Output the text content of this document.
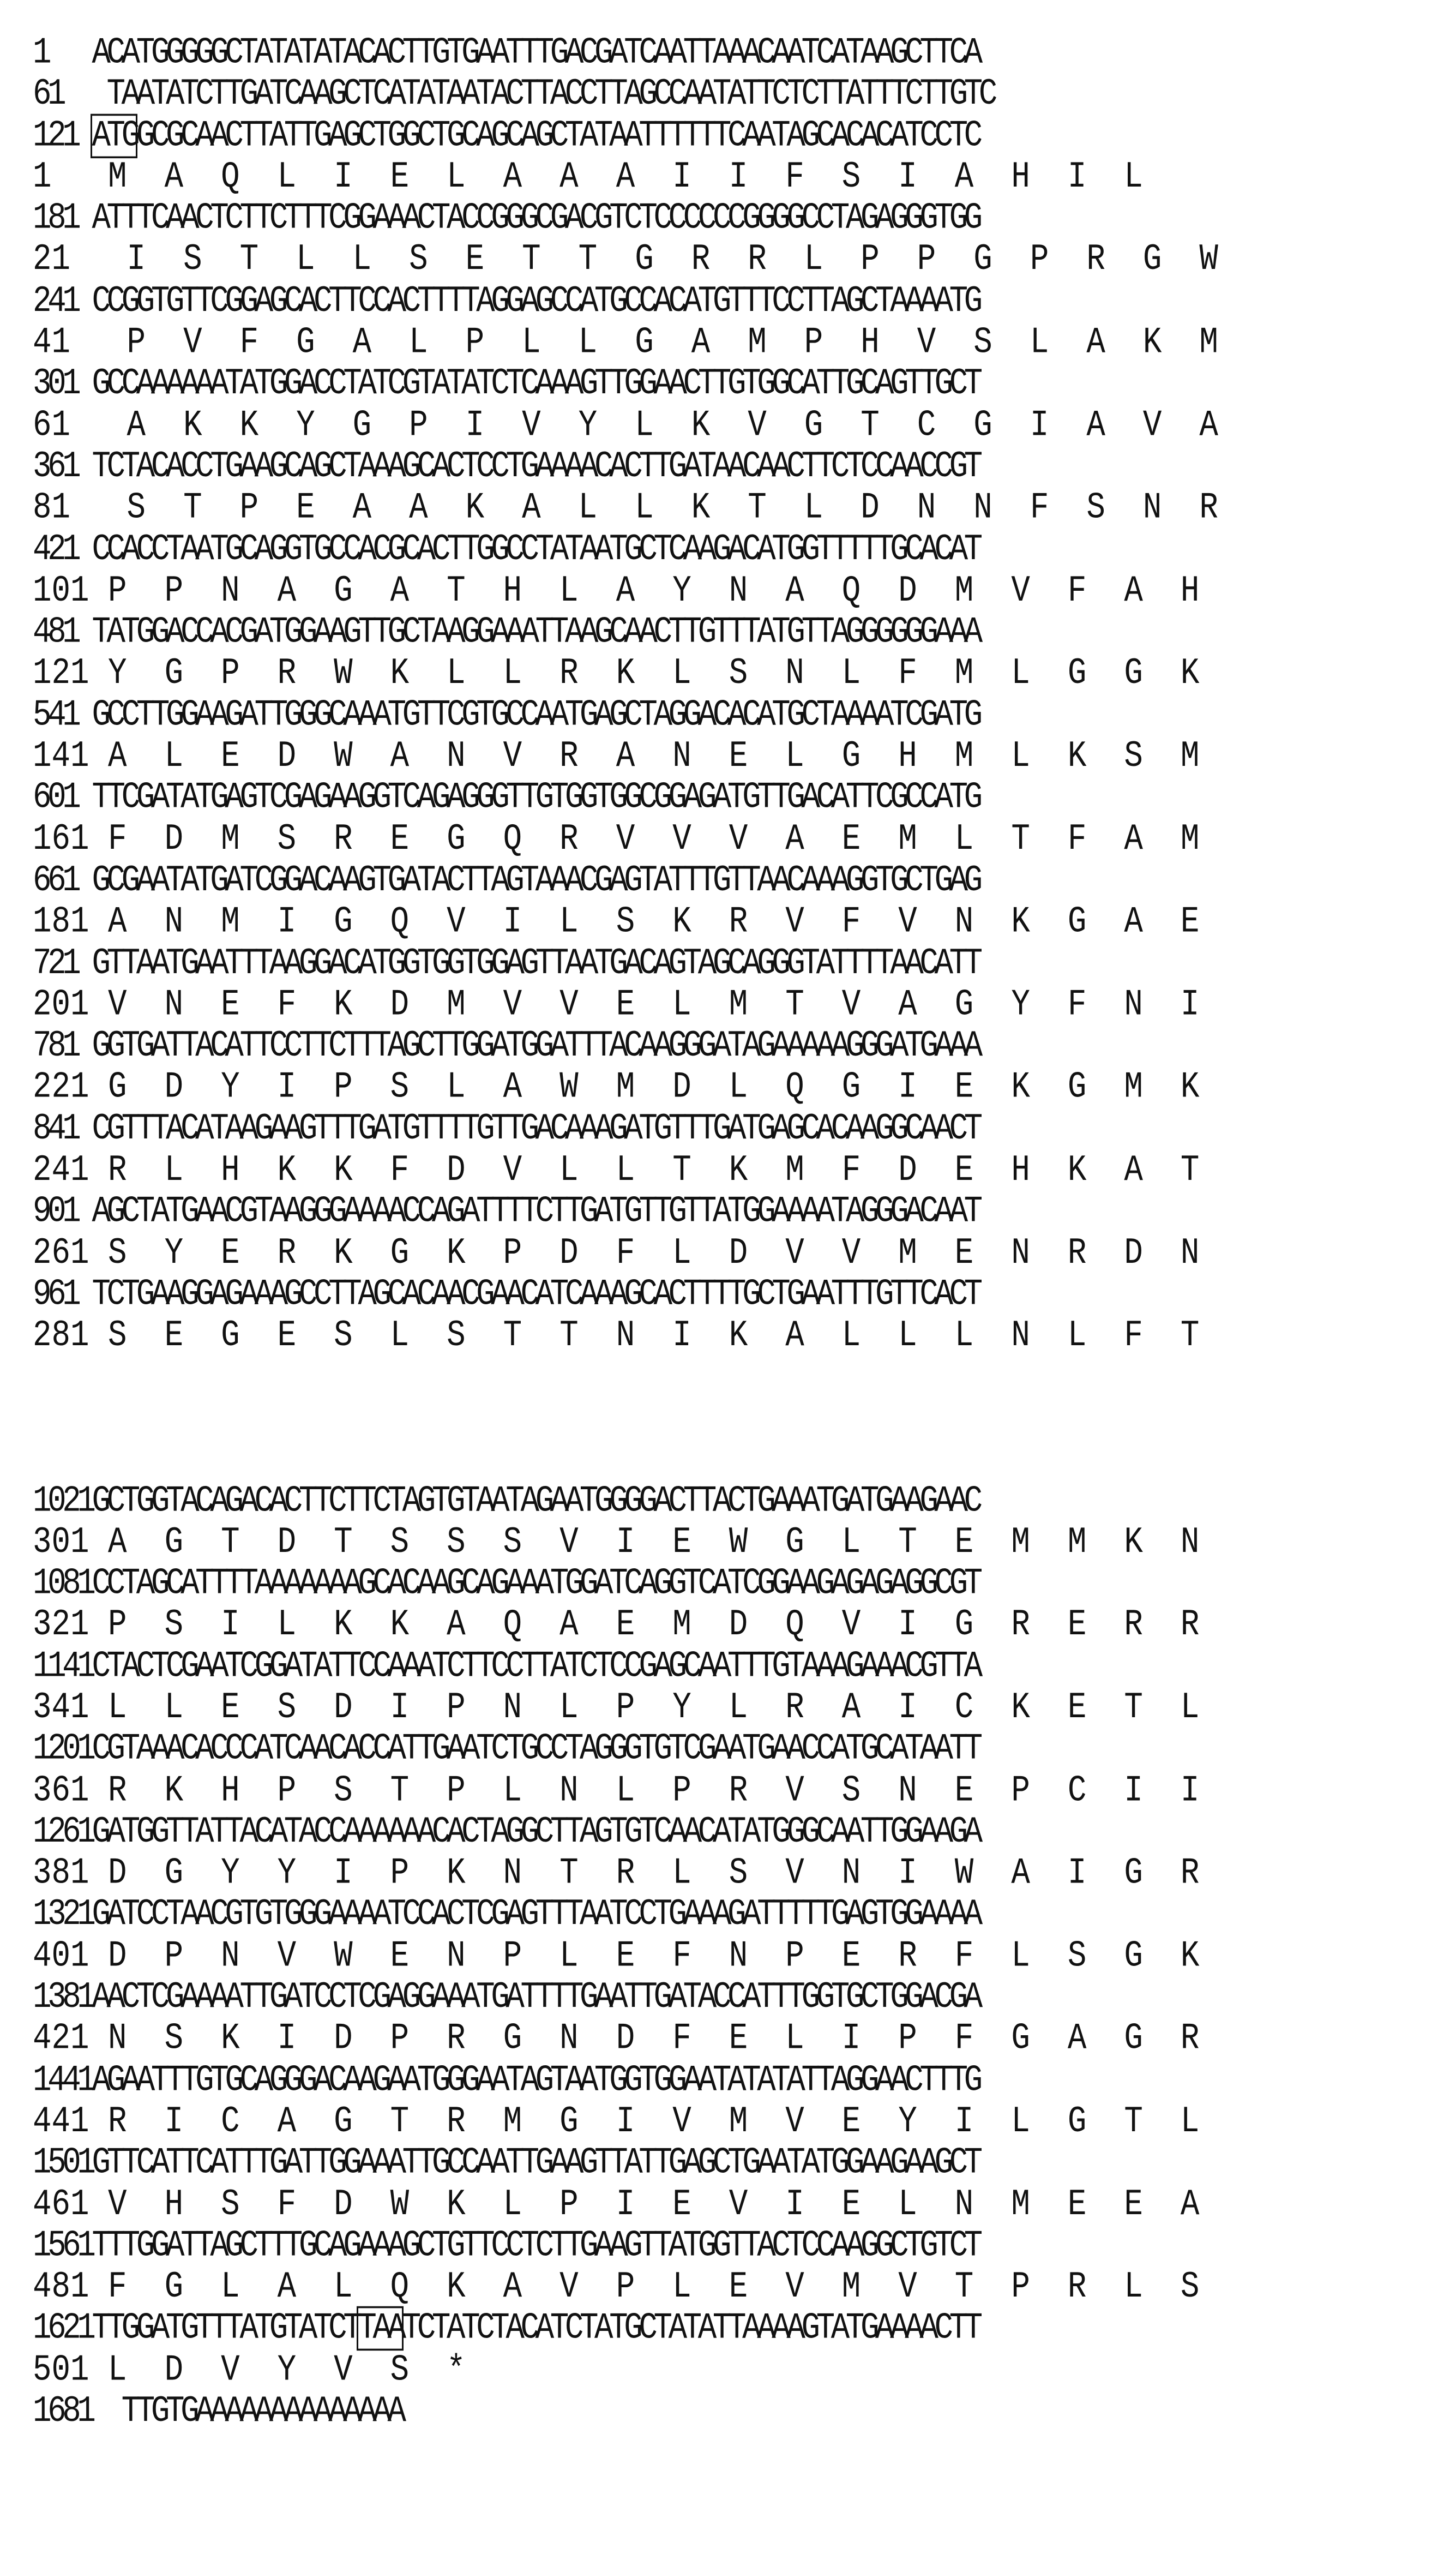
1 ACATGGGGGCTATATATACACTTGTGAATTTGACGATCAATTAAACAATCATAAGCTTCA
61 TAATATCTTGATCAAGCTCATATAATACTTACCTTAGCCAATATTCTCTTATTTCTTGTC
121 ATGGCGCAACTTATTGAGCTGGCTGCAGCAGCTATAATTTTTTCAATAGCACACATCCTC
1 M  A  Q  L  I  E  L  A  A  A  I  I  F  S  I  A  H  I  L
181 ATTTCAACTCTTCTTTCGGAAACTACCGGGCGACGTCTCCCCCCGGGGCCTAGAGGGTGG
21 I  S  T  L  L  S  E  T  T  G  R  R  L  P  P  G  P  R  G  W
241 CCGGTGTTCGGAGCACTTCCACTTTTAGGAGCCATGCCACATGTTTCCTTAGCTAAAATG
41 P  V  F  G  A  L  P  L  L  G  A  M  P  H  V  S  L  A  K  M
301 GCCAAAAAATATGGACCTATCGTATATCTCAAAGTTGGAACTTGTGGCATTGCAGTTGCT
61 A  K  K  Y  G  P  I  V  Y  L  K  V  G  T  C  G  I  A  V  A
361 TCTACACCTGAAGCAGCTAAAGCACTCCTGAAAACACTTGATAACAACTTCTCCAACCGT
81 S  T  P  E  A  A  K  A  L  L  K  T  L  D  N  N  F  S  N  R
421 CCACCTAATGCAGGTGCCACGCACTTGGCCTATAATGCTCAAGACATGGTTTTTGCACAT
101 P  P  N  A  G  A  T  H  L  A  Y  N  A  Q  D  M  V  F  A  H
481 TATGGACCACGATGGAAGTTGCTAAGGAAATTAAGCAACTTGTTTATGTTAGGGGGGAAA
121 Y  G  P  R  W  K  L  L  R  K  L  S  N  L  F  M  L  G  G  K
541 GCCTTGGAAGATTGGGCAAATGTTCGTGCCAATGAGCTAGGACACATGCTAAAATCGATG
141 A  L  E  D  W  A  N  V  R  A  N  E  L  G  H  M  L  K  S  M
601 TTCGATATGAGTCGAGAAGGTCAGAGGGTTGTGGTGGCGGAGATGTTGACATTCGCCATG
161 F  D  M  S  R  E  G  Q  R  V  V  V  A  E  M  L  T  F  A  M
661 GCGAATATGATCGGACAAGTGATACTTAGTAAACGAGTATTTGTTAACAAAGGTGCTGAG
181 A  N  M  I  G  Q  V  I  L  S  K  R  V  F  V  N  K  G  A  E
721 GTTAATGAATTTAAGGACATGGTGGTGGAGTTAATGACAGTAGCAGGGTATTTTAACATT
201 V  N  E  F  K  D  M  V  V  E  L  M  T  V  A  G  Y  F  N  I
781 GGTGATTACATTCCTTCTTTAGCTTGGATGGATTTACAAGGGATAGAAAAAGGGATGAAA
221 G  D  Y  I  P  S  L  A  W  M  D  L  Q  G  I  E  K  G  M  K
841 CGTTTACATAAGAAGTTTGATGTTTTGTTGACAAAGATGTTTGATGAGCACAAGGCAACT
241 R  L  H  K  K  F  D  V  L  L  T  K  M  F  D  E  H  K  A  T
901 AGCTATGAACGTAAGGGAAAACCAGATTTTCTTGATGTTGTTATGGAAAATAGGGACAAT
261 S  Y  E  R  K  G  K  P  D  F  L  D  V  V  M  E  N  R  D  N
961 TCTGAAGGAGAAAGCCTTAGCACAACGAACATCAAAGCACTTTTGCTGAATTTGTTCACT
281 S  E  G  E  S  L  S  T  T  N  I  K  A  L  L  L  N  L  F  T
1021GCTGGTACAGACACTTCTTCTAGTGTAATAGAATGGGGACTTACTGAAATGATGAAGAAC
301 A  G  T  D  T  S  S  S  V  I  E  W  G  L  T  E  M  M  K  N
1081CCTAGCATTTTAAAAAAAGCACAAGCAGAAATGGATCAGGTCATCGGAAGAGAGAGGCGT
321 P  S  I  L  K  K  A  Q  A  E  M  D  Q  V  I  G  R  E  R  R
1141CTACTCGAATCGGATATTCCAAATCTTCCTTATCTCCGAGCAATTTGTAAAGAAACGTTA
341 L  L  E  S  D  I  P  N  L  P  Y  L  R  A  I  C  K  E  T  L
1201CGTAAACACCCATCAACACCATTGAATCTGCCTAGGGTGTCGAATGAACCATGCATAATT
361 R  K  H  P  S  T  P  L  N  L  P  R  V  S  N  E  P  C  I  I
1261GATGGTTATTACATACCAAAAAACACTAGGCTTAGTGTCAACATATGGGCAATTGGAAGA
381 D  G  Y  Y  I  P  K  N  T  R  L  S  V  N  I  W  A  I  G  R
1321GATCCTAACGTGTGGGAAAATCCACTCGAGTTTAATCCTGAAAGATTTTTGAGTGGAAAA
401 D  P  N  V  W  E  N  P  L  E  F  N  P  E  R  F  L  S  G  K
1381AACTCGAAAATTGATCCTCGAGGAAATGATTTTGAATTGATACCATTTGGTGCTGGACGA
421 N  S  K  I  D  P  R  G  N  D  F  E  L  I  P  F  G  A  G  R
1441AGAATTTGTGCAGGGACAAGAATGGGAATAGTAATGGTGGAATATATATTAGGAACTTTG
441 R  I  C  A  G  T  R  M  G  I  V  M  V  E  Y  I  L  G  T  L
1501GTTCATTCATTTGATTGGAAATTGCCAATTGAAGTTATTGAGCTGAATATGGAAGAAGCT
461 V  H  S  F  D  W  K  L  P  I  E  V  I  E  L  N  M  E  E  A
1561TTTGGATTAGCTTTGCAGAAAGCTGTTCCTCTTGAAGTTATGGTTACTCCAAGGCTGTCT
481 F  G  L  A  L  Q  K  A  V  P  L  E  V  M  V  T  P  R  L  S
1621TTGGATGTTTATGTATCTTAATCTATCTACATCTATGCTATATTAAAAGTATGAAAACTT
501 L  D  V  Y  V  S  *
1681 TTGTGAAAAAAAAAAAAAA
